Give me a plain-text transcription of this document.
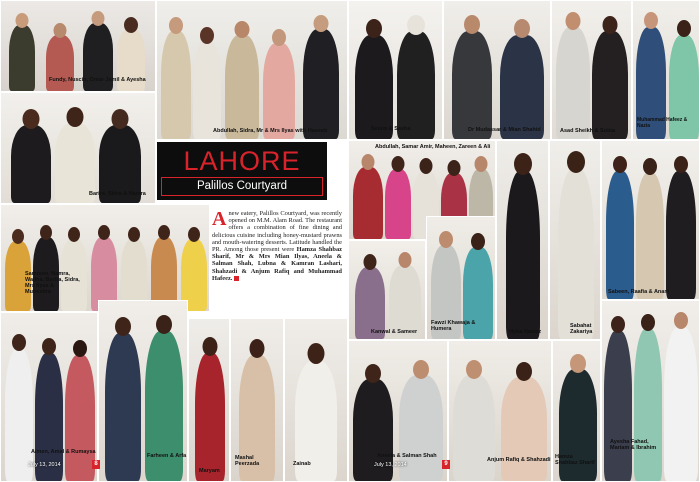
Fundy, Nuscin, Omar Jamil & Ayesha
Abdullah, Sidra, Mr & Mrs Ilyas with Haseeb	Sesim & Sasha	Dr Mudassar & Mian Shahid	Asad Sheikh & Sobia
Muhammad Hafeez & Nazia
Barira, Sidra & Namra
LAHORE
Palillos Courtyard
Anew eatery, Palillos Courtyard, was recently opened on M.M. Alam Road. The restaurant offers a combination of fine dining and delicious cuisine including honey-mustard prawns and mouth-watering desserts. Latitude handled the PR. Among those present were Hamza Shahbaz Sharif, Mr & Mrs Mian Ilyas, Aneela & Salman Shah, Lubna & Kamran Lashari, Shahzadi & Anjum Rafiq and Muhammad Hafeez.
Abdullah, Samar Amir, Maheen, Zareen & Ali
Hyba Nawaz
Sabahat Zakariya
Sabeen, Raafia & Anam
Samreen, Namra, Wajiha, Barira, Sidra, Mrs Ilyas & Mubeshra
Kanwal & Sameer
Fawzi Khawaja & Humera
Ayesha Fahad, Mariam & Ibrahim
Aimen, Amal & Rumaysa
Farheen & Arfa
Maryam
Mashal Peerzada	Zainab
Aneela & Salman Shah
Anjum Rafiq & Shahzadi Hamza Shahbaz Sharif
July 13, 2014	8	July 13, 2014	9
